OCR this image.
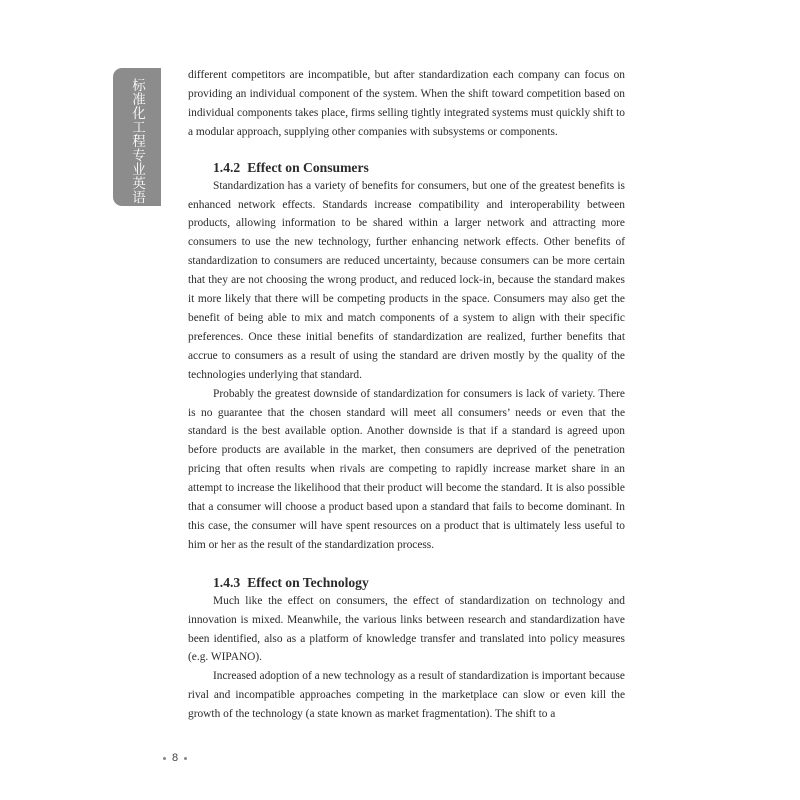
标准化工程专业英语

different competitors are incompatible, but after standardization each company can focus on providing an individual component of the system. When the shift toward competition based on individual components takes place, firms selling tightly integrated systems must quickly shift to a modular approach, supplying other companies with subsystems or components.

1.4.2 Effect on Consumers

Standardization has a variety of benefits for consumers, but one of the greatest benefits is enhanced network effects. Standards increase compatibility and interoperability between products, allowing information to be shared within a larger network and attracting more consumers to use the new technology, further enhancing network effects. Other benefits of standardization to consumers are reduced uncertainty, because consumers can be more certain that they are not choosing the wrong product, and reduced lock-in, because the standard makes it more likely that there will be competing products in the space. Consumers may also get the benefit of being able to mix and match components of a system to align with their specific preferences. Once these initial benefits of standardization are realized, further benefits that accrue to consumers as a result of using the standard are driven mostly by the quality of the technologies underlying that standard.

Probably the greatest downside of standardization for consumers is lack of variety. There is no guarantee that the chosen standard will meet all consumers’ needs or even that the standard is the best available option. Another downside is that if a standard is agreed upon before products are available in the market, then consumers are deprived of the penetration pricing that often results when rivals are competing to rapidly increase market share in an attempt to increase the likelihood that their product will become the standard. It is also possible that a consumer will choose a product based upon a standard that fails to become dominant. In this case, the consumer will have spent resources on a product that is ultimately less useful to him or her as the result of the standardization process.

1.4.3 Effect on Technology

Much like the effect on consumers, the effect of standardization on technology and innovation is mixed. Meanwhile, the various links between research and standardization have been identified, also as a platform of knowledge transfer and translated into policy measures (e.g. WIPANO).

Increased adoption of a new technology as a result of standardization is important because rival and incompatible approaches competing in the marketplace can slow or even kill the growth of the technology (a state known as market fragmentation). The shift to a

8
